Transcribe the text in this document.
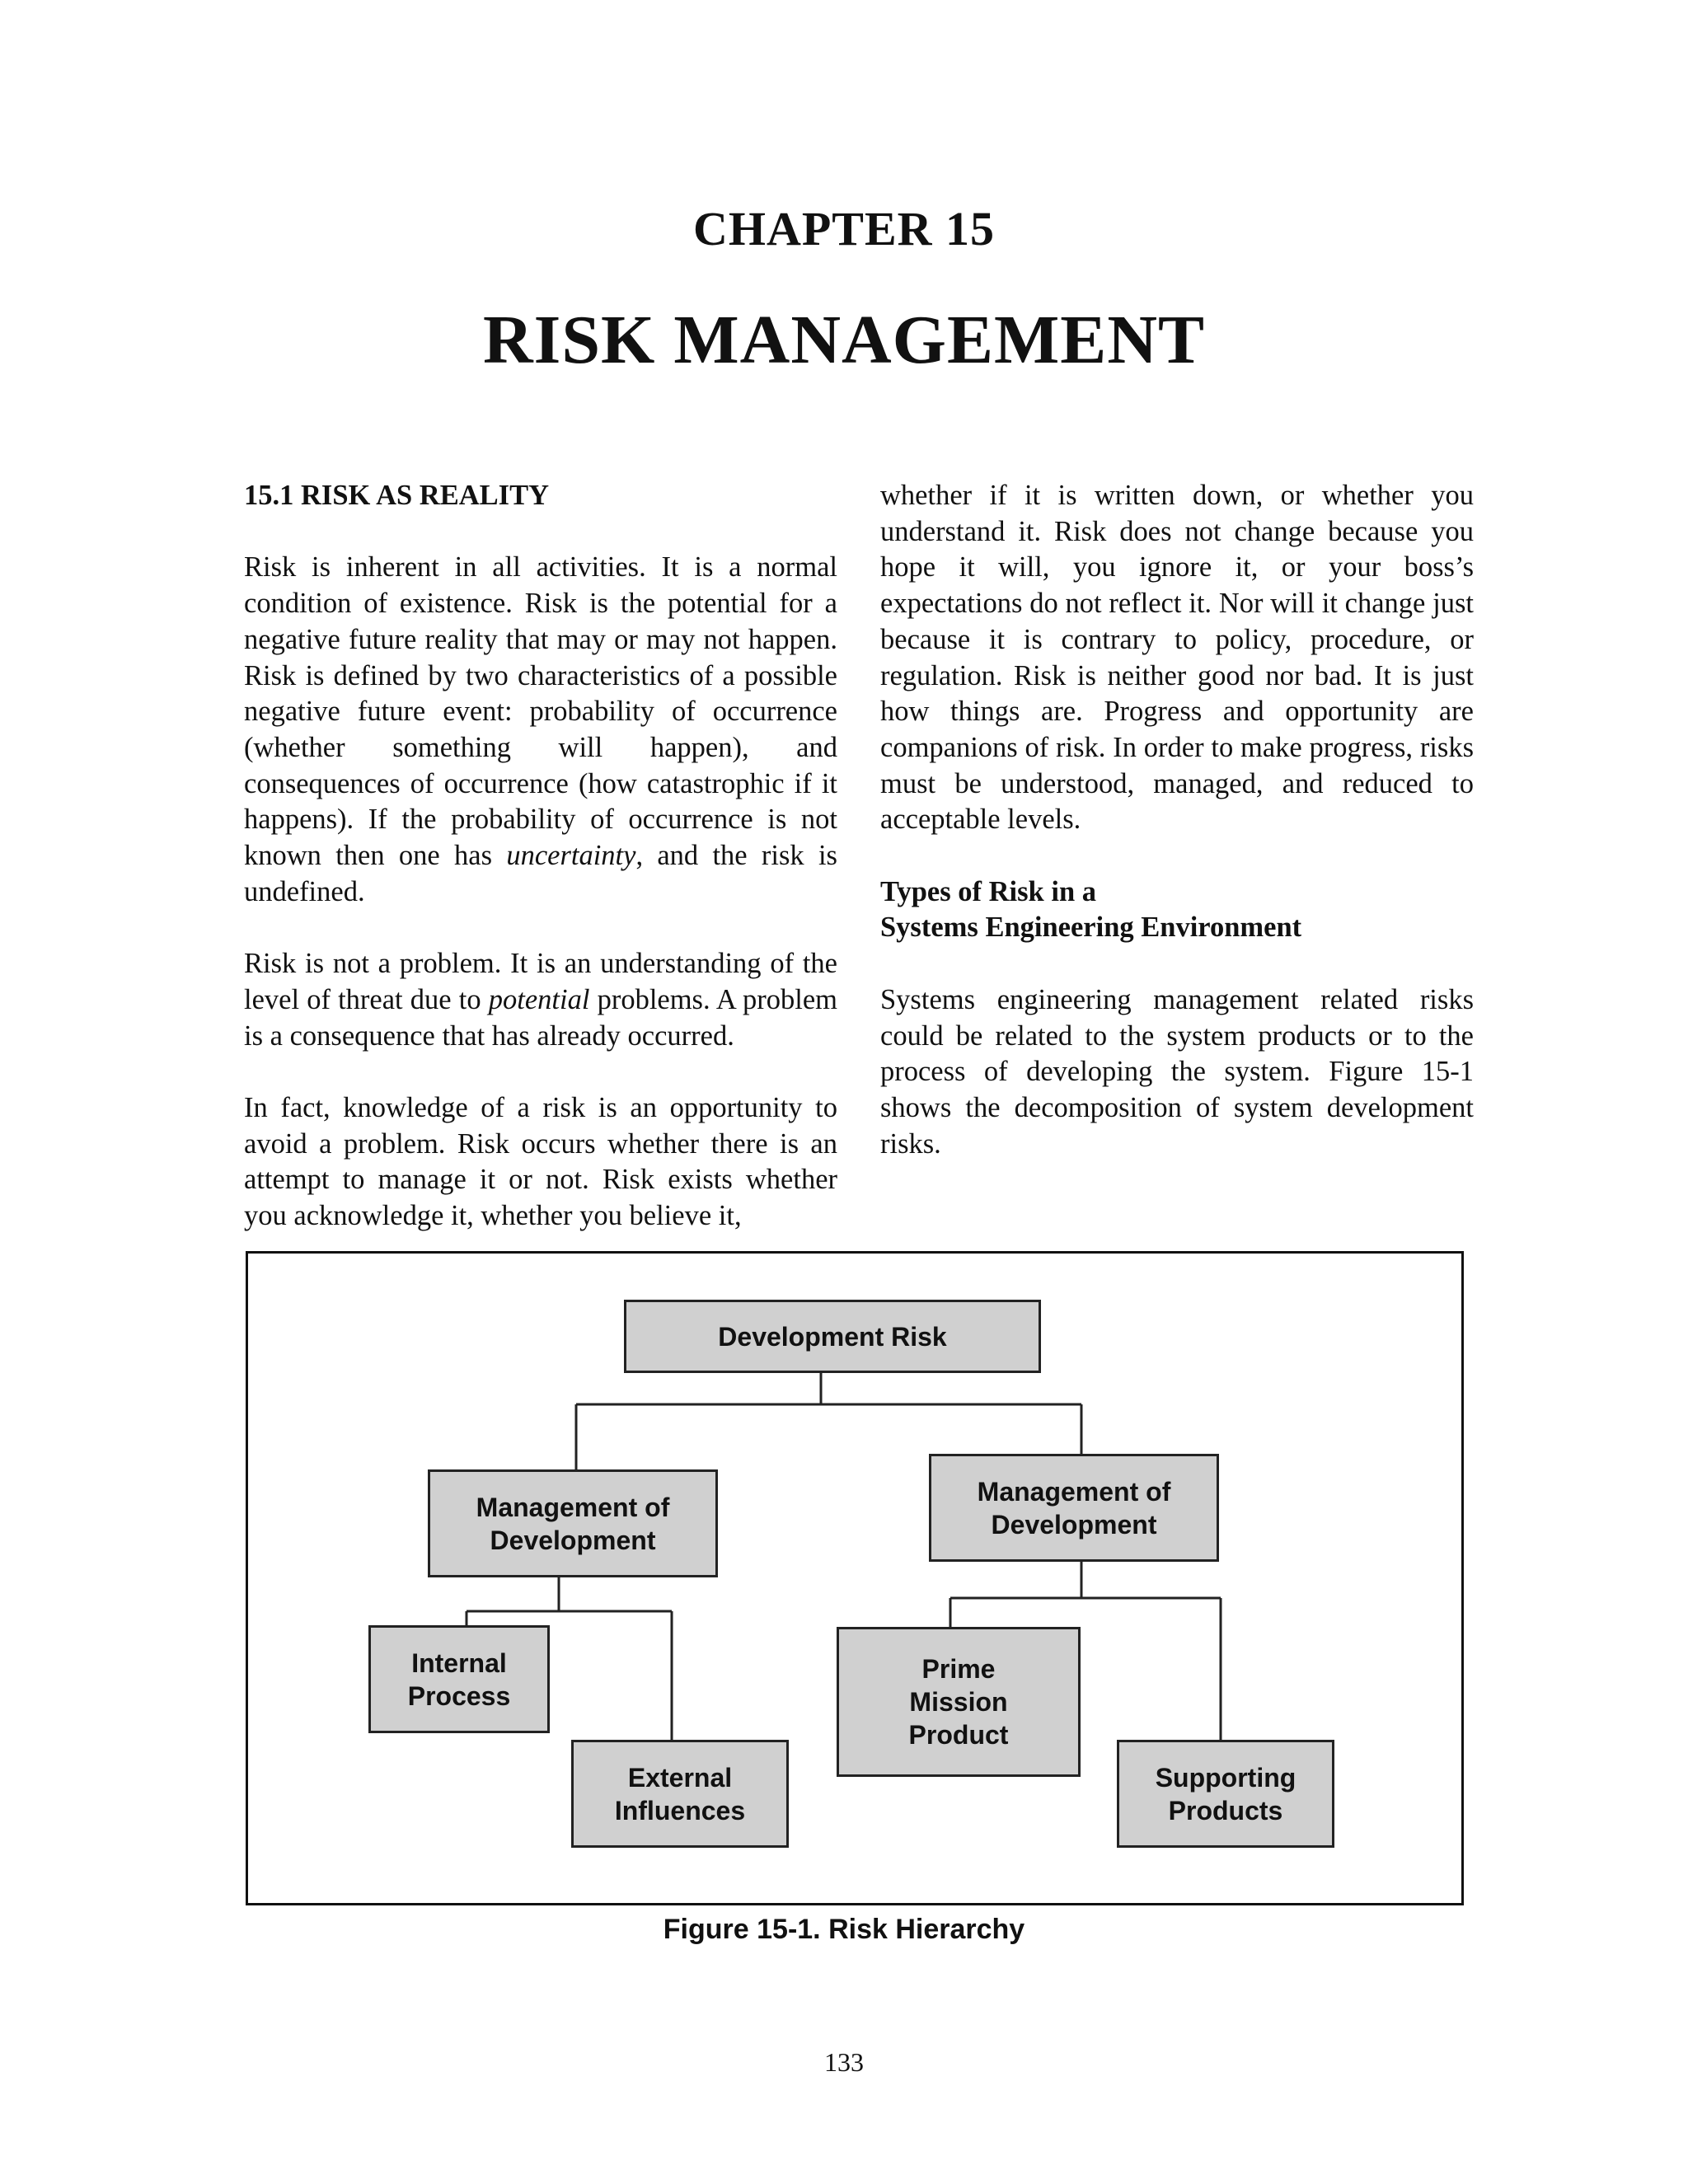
CHAPTER 15
RISK MANAGEMENT
15.1 RISK AS REALITY

Risk is inherent in all activities. It is a normal condition of existence. Risk is the potential for a negative future reality that may or may not happen. Risk is defined by two characteristics of a possible negative future event: probability of occurrence (whether something will happen), and consequences of occurrence (how catastrophic if it happens). If the probability of occurrence is not known then one has uncertainty, and the risk is undefined.

Risk is not a problem. It is an understanding of the level of threat due to potential problems. A problem is a consequence that has already occurred.

In fact, knowledge of a risk is an opportunity to avoid a problem. Risk occurs whether there is an attempt to manage it or not. Risk exists whether you acknowledge it, whether you believe it,

whether if it is written down, or whether you understand it. Risk does not change because you hope it will, you ignore it, or your boss’s expectations do not reflect it. Nor will it change just because it is contrary to policy, procedure, or regulation. Risk is neither good nor bad. It is just how things are. Progress and opportunity are companions of risk. In order to make progress, risks must be understood, managed, and reduced to acceptable levels.

Types of Risk in a
Systems Engineering Environment

Systems engineering management related risks could be related to the system products or to the process of developing the system. Figure 15-1 shows the decomposition of system development risks.

Development Risk
Management of
Development
Management of
Development
Internal
Process
External
Influences
Prime
Mission
Product
Supporting
Products
Figure 15-1. Risk Hierarchy
133
